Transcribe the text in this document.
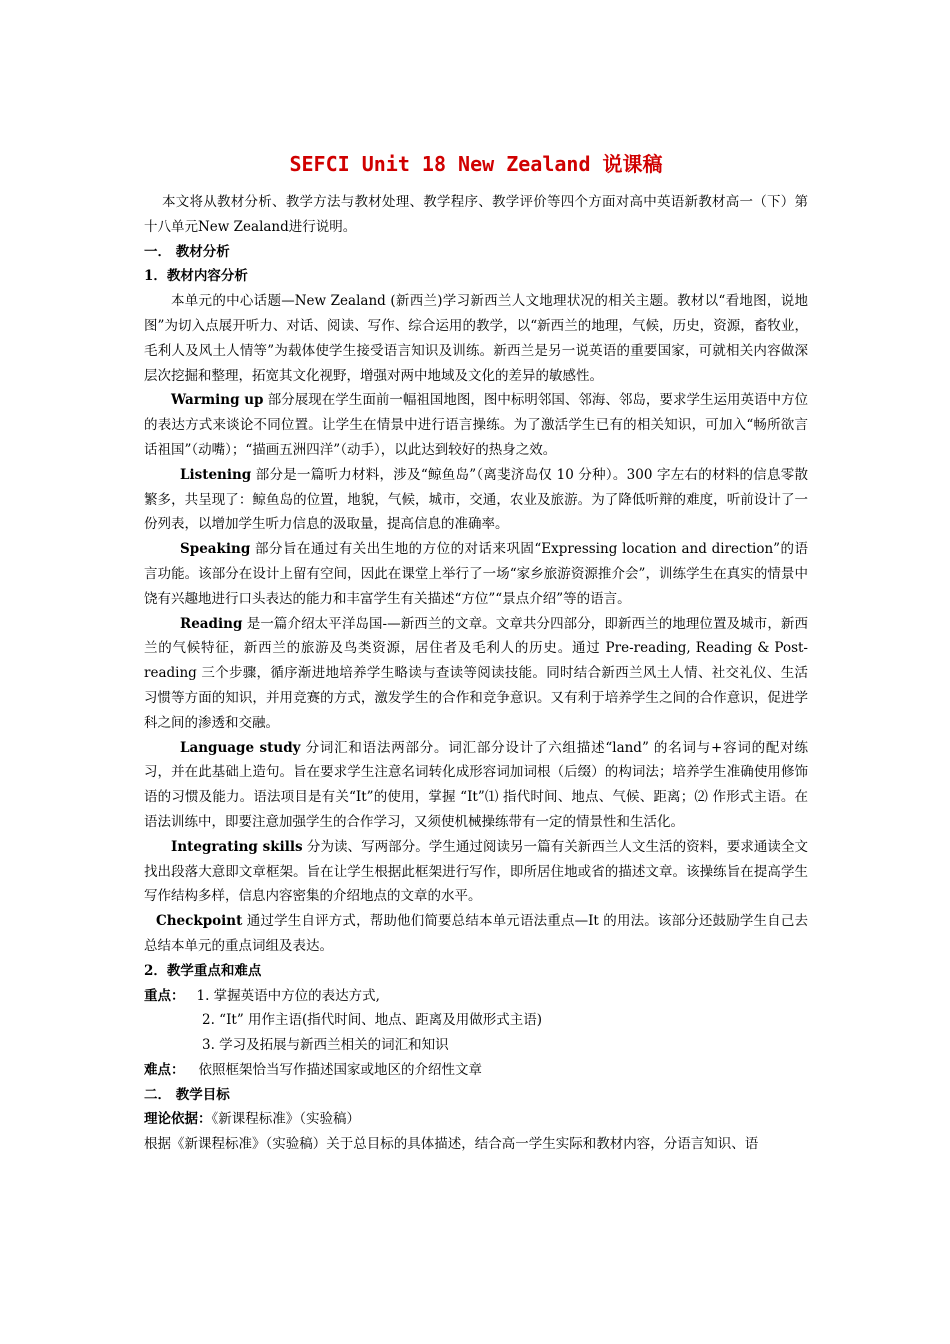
SEFCI Unit 18 New Zealand 说课稿

本文将从教材分析、教学方法与教材处理、教学程序、教学评价等四个方面对高中英语新教材高一（下）第十八单元New Zealand进行说明。

一． 教材分析

1．教材内容分析

本单元的中心话题—New Zealand (新西兰)学习新西兰人文地理状况的相关主题。教材以“看地图，说地图”为切入点展开听力、对话、阅读、写作、综合运用的教学，以“新西兰的地理，气候，历史，资源，畜牧业，毛利人及风土人情等”为载体使学生接受语言知识及训练。新西兰是另一说英语的重要国家，可就相关内容做深层次挖掘和整理，拓宽其文化视野，增强对两中地域及文化的差异的敏感性。

Warming up 部分展现在学生面前一幅祖国地图，图中标明邻国、邻海、邻岛，要求学生运用英语中方位的表达方式来谈论不同位置。让学生在情景中进行语言操练。为了激活学生已有的相关知识，可加入“畅所欲言话祖国”（动嘴）；“描画五洲四洋”（动手），以此达到较好的热身之效。

Listening 部分是一篇听力材料，涉及“鲸鱼岛”（离斐济岛仅 10 分种）。300 字左右的材料的信息零散繁多，共呈现了：鲸鱼岛的位置，地貌，气候，城市，交通，农业及旅游。为了降低听辩的难度，听前设计了一份列表，以增加学生听力信息的汲取量，提高信息的准确率。

Speaking 部分旨在通过有关出生地的方位的对话来巩固“Expressing location and direction”的语言功能。该部分在设计上留有空间，因此在课堂上举行了一场“家乡旅游资源推介会”，训练学生在真实的情景中饶有兴趣地进行口头表达的能力和丰富学生有关描述“方位”“景点介绍”等的语言。

Reading 是一篇介绍太平洋岛国-—新西兰的文章。文章共分四部分，即新西兰的地理位置及城市，新西兰的气候特征，新西兰的旅游及鸟类资源，居住者及毛利人的历史。通过 Pre-reading, Reading & Post-reading 三个步骤，循序渐进地培养学生略读与查读等阅读技能。同时结合新西兰风土人情、社交礼仪、生活习惯等方面的知识，并用竞赛的方式，激发学生的合作和竞争意识。又有利于培养学生之间的合作意识，促进学科之间的渗透和交融。

Language study 分词汇和语法两部分。词汇部分设计了六组描述“land” 的名词与+容词的配对练习，并在此基础上造句。旨在要求学生注意名词转化成形容词加词根（后缀）的构词法；培养学生准确使用修饰语的习惯及能力。语法项目是有关“It”的使用，掌握 “It”⑴ 指代时间、地点、气候、距离；⑵ 作形式主语。在语法训练中，即要注意加强学生的合作学习，又须使机械操练带有一定的情景性和生活化。

Integrating skills 分为读、写两部分。学生通过阅读另一篇有关新西兰人文生活的资料，要求通读全文找出段落大意即文章框架。旨在让学生根据此框架进行写作，即所居住地或省的描述文章。该操练旨在提高学生写作结构多样，信息内容密集的介绍地点的文章的水平。

Checkpoint 通过学生自评方式，帮助他们简要总结本单元语法重点—It 的用法。该部分还鼓励学生自己去总结本单元的重点词组及表达。

2．教学重点和难点

重点： 1. 掌握英语中方位的表达方式,

2. “It” 用作主语(指代时间、地点、距离及用做形式主语)

3. 学习及拓展与新西兰相关的词汇和知识

难点： 依照框架恰当写作描述国家或地区的介绍性文章

二． 教学目标

理论依据：《新课程标准》（实验稿）

根据《新课程标准》（实验稿）关于总目标的具体描述，结合高一学生实际和教材内容，分语言知识、语
